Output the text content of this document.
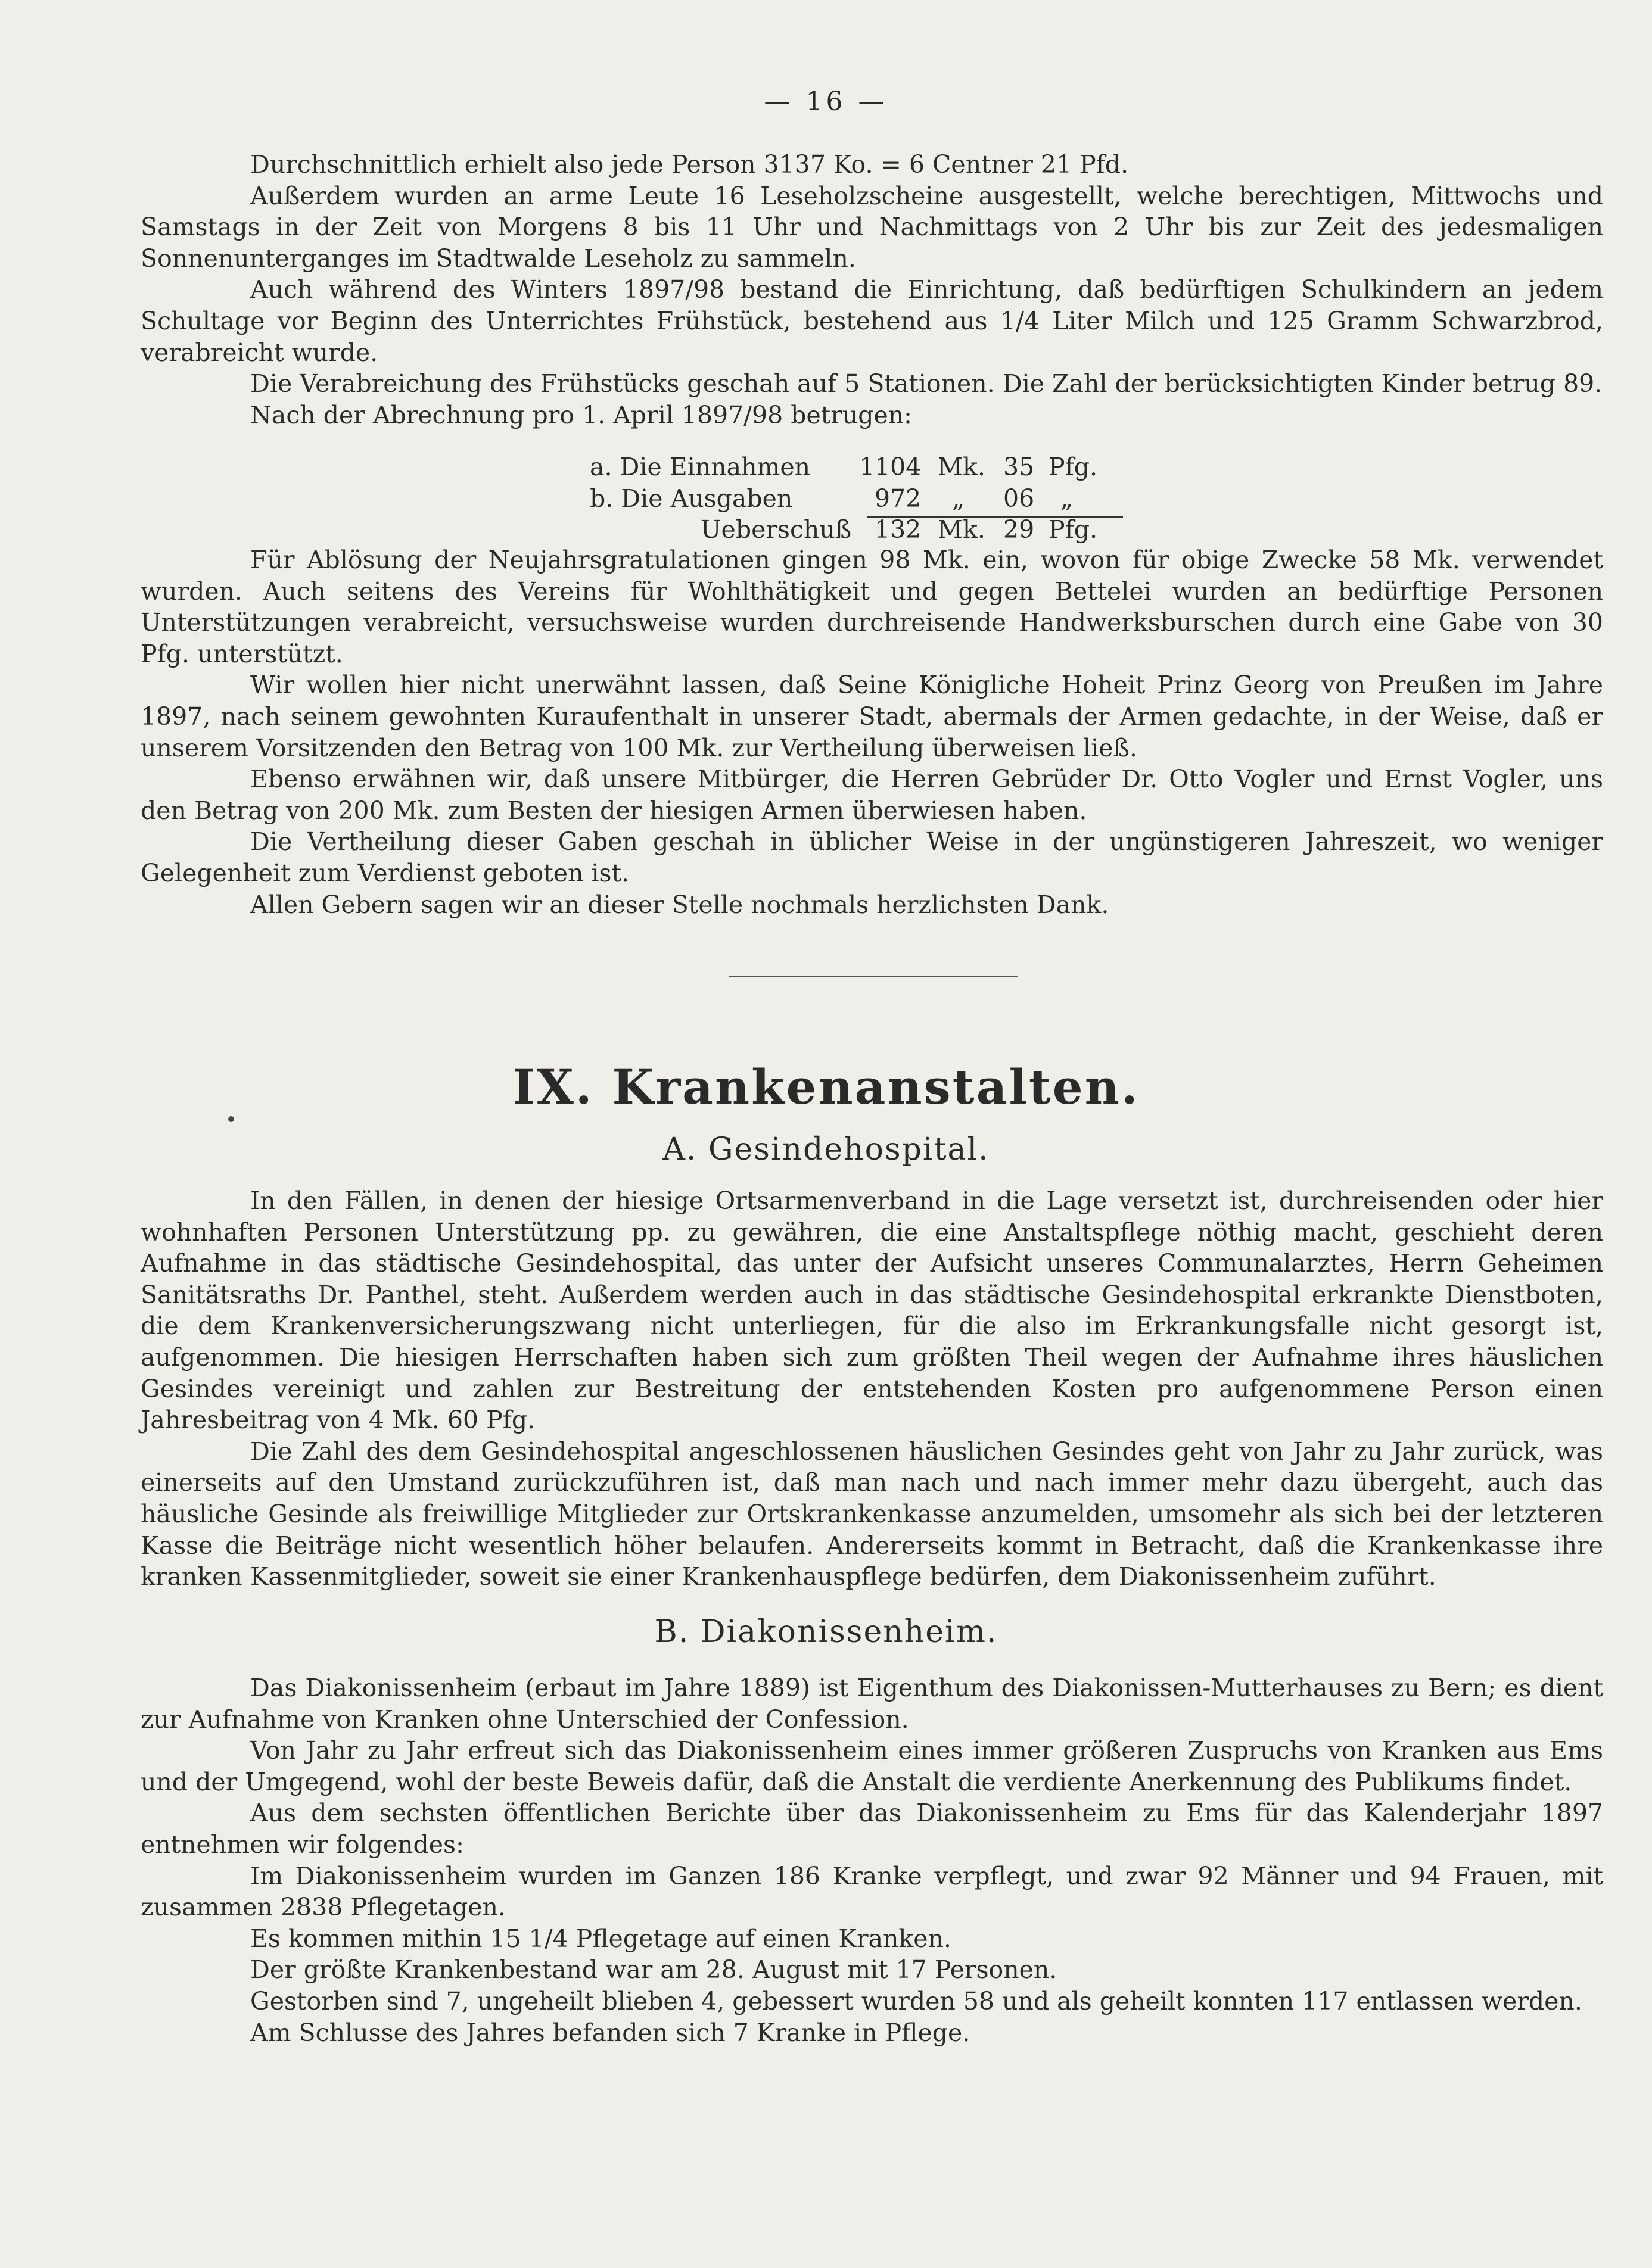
— 16 —

Durchschnittlich erhielt also jede Person 3137 Ko. = 6 Centner 21 Pfd.

Außerdem wurden an arme Leute 16 Leseholzscheine ausgestellt, welche berechtigen, Mittwochs und Samstags in der Zeit von Morgens 8 bis 11 Uhr und Nachmittags von 2 Uhr bis zur Zeit des jedesmaligen Sonnenunterganges im Stadtwalde Leseholz zu sammeln.

Auch während des Winters 1897/98 bestand die Einrichtung, daß bedürftigen Schulkindern an jedem Schultage vor Beginn des Unterrichtes Frühstück, bestehend aus 1/4 Liter Milch und 125 Gramm Schwarzbrod, verabreicht wurde.

Die Verabreichung des Frühstücks geschah auf 5 Stationen. Die Zahl der berücksichtigten Kinder betrug 89.

Nach der Abrechnung pro 1. April 1897/98 betrugen:

a. Die Einnahmen 1104 Mk. 35 Pfg.
b. Die Ausgaben	972 „ 06 „
Ueberschuß 132 Mk. 29 Pfg.

Für Ablösung der Neujahrsgratulationen gingen 98 Mk. ein, wovon für obige Zwecke 58 Mk. verwendet wurden. Auch seitens des Vereins für Wohlthätigkeit und gegen Bettelei wurden an bedürftige Personen Unterstützungen verabreicht, versuchsweise wurden durchreisende Handwerksburschen durch eine Gabe von 30 Pfg. unterstützt.

Wir wollen hier nicht unerwähnt lassen, daß Seine Königliche Hoheit Prinz Georg von Preußen im Jahre 1897, nach seinem gewohnten Kuraufenthalt in unserer Stadt, abermals der Armen gedachte, in der Weise, daß er unserem Vorsitzenden den Betrag von 100 Mk. zur Vertheilung überweisen ließ.

Ebenso erwähnen wir, daß unsere Mitbürger, die Herren Gebrüder Dr. Otto Vogler und Ernst Vogler, uns den Betrag von 200 Mk. zum Besten der hiesigen Armen überwiesen haben.

Die Vertheilung dieser Gaben geschah in üblicher Weise in der ungünstigeren Jahreszeit, wo weniger Gelegenheit zum Verdienst geboten ist.

Allen Gebern sagen wir an dieser Stelle nochmals herzlichsten Dank.

IX. Krankenanstalten.
A. Gesindehospital.

In den Fällen, in denen der hiesige Ortsarmenverband in die Lage versetzt ist, durchreisenden oder hier wohnhaften Personen Unterstützung pp. zu gewähren, die eine Anstaltspflege nöthig macht, geschieht deren Aufnahme in das städtische Gesindehospital, das unter der Aufsicht unseres Communalarztes, Herrn Geheimen Sanitätsraths Dr. Panthel, steht. Außerdem werden auch in das städtische Gesindehospital erkrankte Dienstboten, die dem Krankenversicherungszwang nicht unterliegen, für die also im Erkrankungsfalle nicht gesorgt ist, aufgenommen. Die hiesigen Herrschaften haben sich zum größten Theil wegen der Aufnahme ihres häuslichen Gesindes vereinigt und zahlen zur Bestreitung der entstehenden Kosten pro aufgenommene Person einen Jahresbeitrag von 4 Mk. 60 Pfg.

Die Zahl des dem Gesindehospital angeschlossenen häuslichen Gesindes geht von Jahr zu Jahr zurück, was einerseits auf den Umstand zurückzuführen ist, daß man nach und nach immer mehr dazu übergeht, auch das häusliche Gesinde als freiwillige Mitglieder zur Ortskrankenkasse anzumelden, umsomehr als sich bei der letzteren Kasse die Beiträge nicht wesentlich höher belaufen. Andererseits kommt in Betracht, daß die Krankenkasse ihre kranken Kassenmitglieder, soweit sie einer Krankenhauspflege bedürfen, dem Diakonissenheim zuführt.

B. Diakonissenheim.

Das Diakonissenheim (erbaut im Jahre 1889) ist Eigenthum des Diakonissen-Mutterhauses zu Bern; es dient zur Aufnahme von Kranken ohne Unterschied der Confession.

Von Jahr zu Jahr erfreut sich das Diakonissenheim eines immer größeren Zuspruchs von Kranken aus Ems und der Umgegend, wohl der beste Beweis dafür, daß die Anstalt die verdiente Anerkennung des Publikums findet.

Aus dem sechsten öffentlichen Berichte über das Diakonissenheim zu Ems für das Kalenderjahr 1897 entnehmen wir folgendes:

Im Diakonissenheim wurden im Ganzen 186 Kranke verpflegt, und zwar 92 Männer und 94 Frauen, mit zusammen 2838 Pflegetagen.

Es kommen mithin 15 1/4 Pflegetage auf einen Kranken.

Der größte Krankenbestand war am 28. August mit 17 Personen.

Gestorben sind 7, ungeheilt blieben 4, gebessert wurden 58 und als geheilt konnten 117 entlassen werden.

Am Schlusse des Jahres befanden sich 7 Kranke in Pflege.
